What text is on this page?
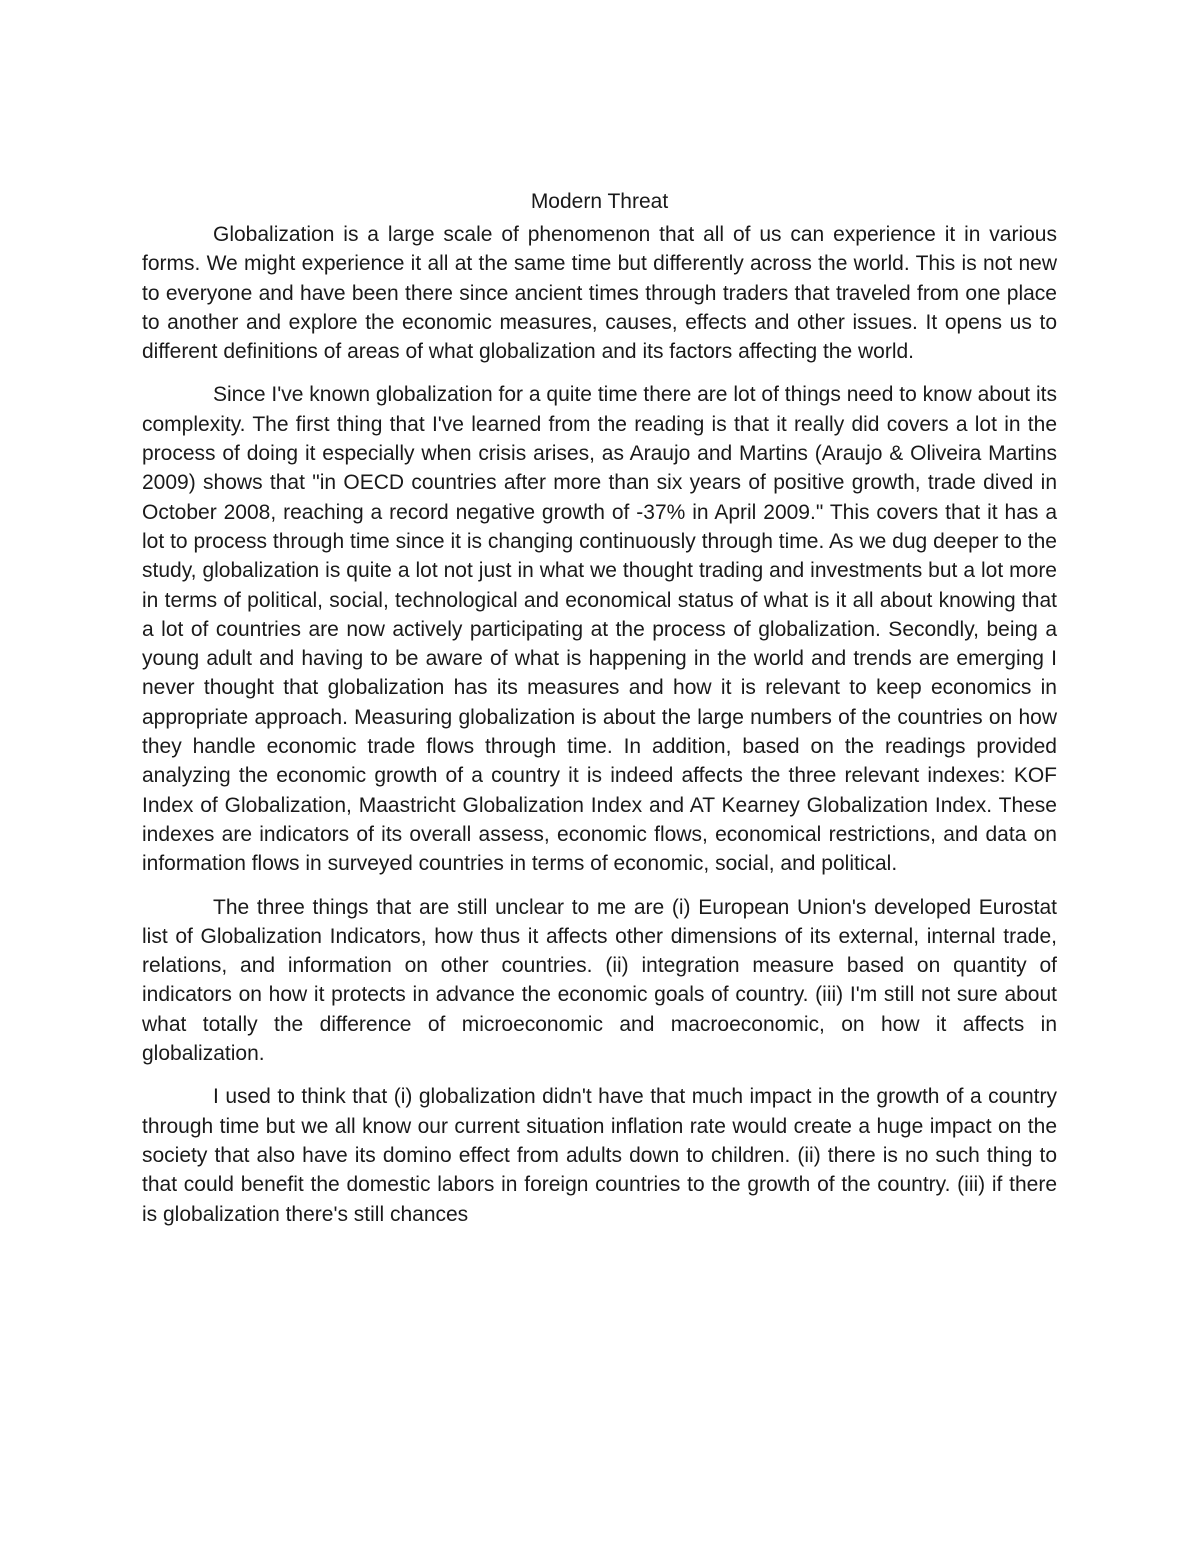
Modern Threat

Globalization is a large scale of phenomenon that all of us can experience it in various forms. We might experience it all at the same time but differently across the world. This is not new to everyone and have been there since ancient times through traders that traveled from one place to another and explore the economic measures, causes, effects and other issues. It opens us to different definitions of areas of what globalization and its factors affecting the world.

Since I've known globalization for a quite time there are lot of things need to know about its complexity. The first thing that I've learned from the reading is that it really did covers a lot in the process of doing it especially when crisis arises, as Araujo and Martins (Araujo & Oliveira Martins 2009) shows that "in OECD countries after more than six years of positive growth, trade dived in October 2008, reaching a record negative growth of -37% in April 2009." This covers that it has a lot to process through time since it is changing continuously through time. As we dug deeper to the study, globalization is quite a lot not just in what we thought trading and investments but a lot more in terms of political, social, technological and economical status of what is it all about knowing that a lot of countries are now actively participating at the process of globalization. Secondly, being a young adult and having to be aware of what is happening in the world and trends are emerging I never thought that globalization has its measures and how it is relevant to keep economics in appropriate approach. Measuring globalization is about the large numbers of the countries on how they handle economic trade flows through time. In addition, based on the readings provided analyzing the economic growth of a country it is indeed affects the three relevant indexes: KOF Index of Globalization, Maastricht Globalization Index and AT Kearney Globalization Index. These indexes are indicators of its overall assess, economic flows, economical restrictions, and data on information flows in surveyed countries in terms of economic, social, and political.

The three things that are still unclear to me are (i) European Union's developed Eurostat list of Globalization Indicators, how thus it affects other dimensions of its external, internal trade, relations, and information on other countries. (ii) integration measure based on quantity of indicators on how it protects in advance the economic goals of country. (iii) I'm still not sure about what totally the difference of microeconomic and macroeconomic, on how it affects in globalization.

I used to think that (i) globalization didn't have that much impact in the growth of a country through time but we all know our current situation inflation rate would create a huge impact on the society that also have its domino effect from adults down to children. (ii) there is no such thing to that could benefit the domestic labors in foreign countries to the growth of the country. (iii) if there is globalization there's still chances
